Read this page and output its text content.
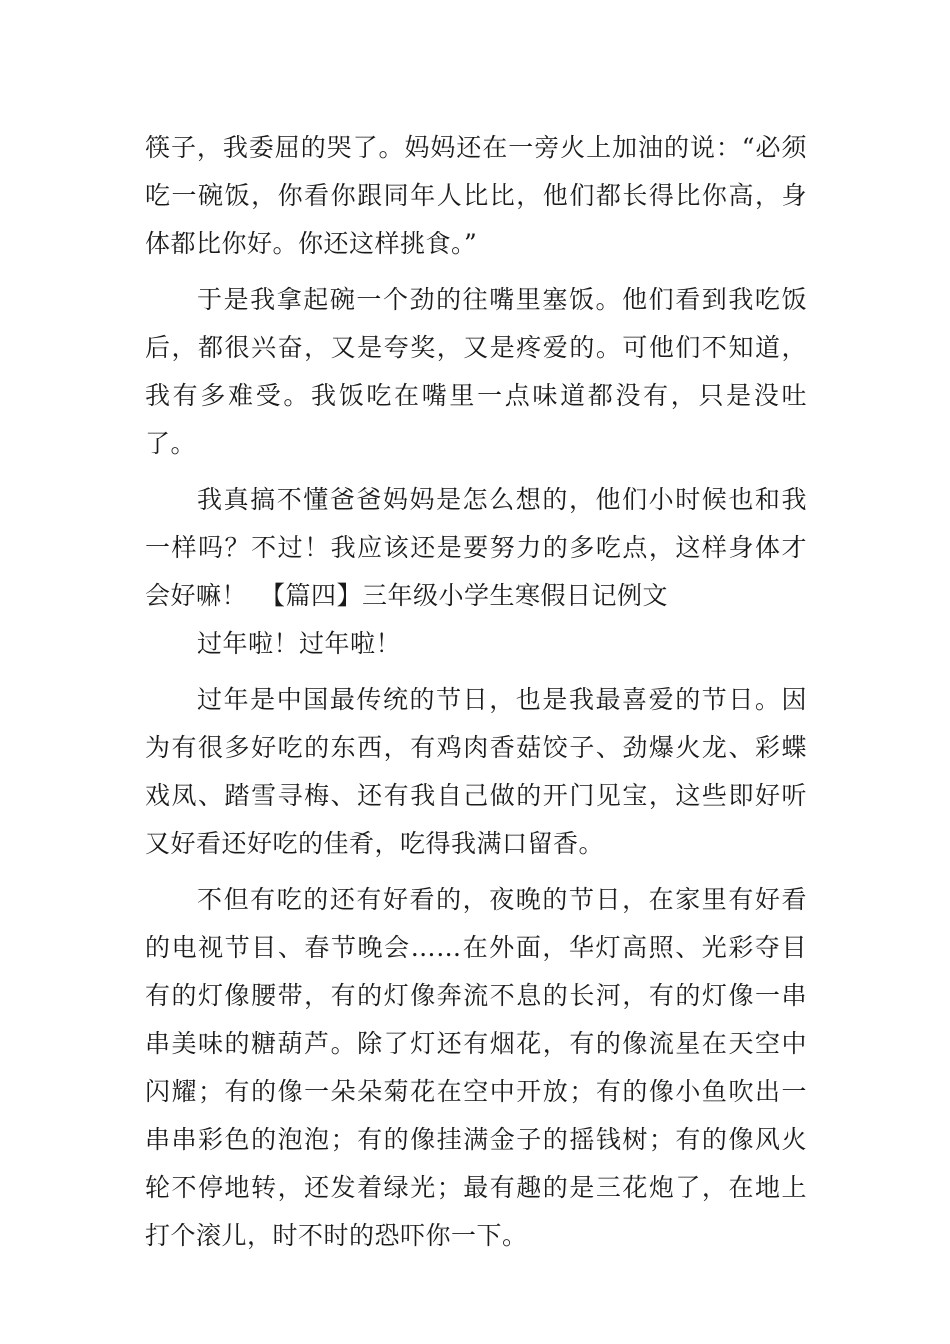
筷子，我委屈的哭了。妈妈还在一旁火上加油的说：“必须吃一碗饭，你看你跟同年人比比，他们都长得比你高，身体都比你好。你还这样挑食。”

于是我拿起碗一个劲的往嘴里塞饭。他们看到我吃饭后，都很兴奋，又是夸奖，又是疼爱的。可他们不知道，我有多难受。我饭吃在嘴里一点味道都没有，只是没吐了。

我真搞不懂爸爸妈妈是怎么想的，他们小时候也和我一样吗？不过！我应该还是要努力的多吃点，这样身体才会好嘛！　【篇四】三年级小学生寒假日记例文

过年啦！过年啦！

过年是中国最传统的节日，也是我最喜爱的节日。因为有很多好吃的东西，有鸡肉香菇饺子、劲爆火龙、彩蝶戏凤、踏雪寻梅、还有我自己做的开门见宝，这些即好听又好看还好吃的佳肴，吃得我满口留香。

不但有吃的还有好看的，夜晚的节日，在家里有好看的电视节目、春节晚会……在外面，华灯高照、光彩夺目有的灯像腰带，有的灯像奔流不息的长河，有的灯像一串串美味的糖葫芦。除了灯还有烟花，有的像流星在天空中闪耀；有的像一朵朵菊花在空中开放；有的像小鱼吹出一串串彩色的泡泡；有的像挂满金子的摇钱树；有的像风火轮不停地转，还发着绿光；最有趣的是三花炮了，在地上打个滚儿，时不时的恐吓你一下。
